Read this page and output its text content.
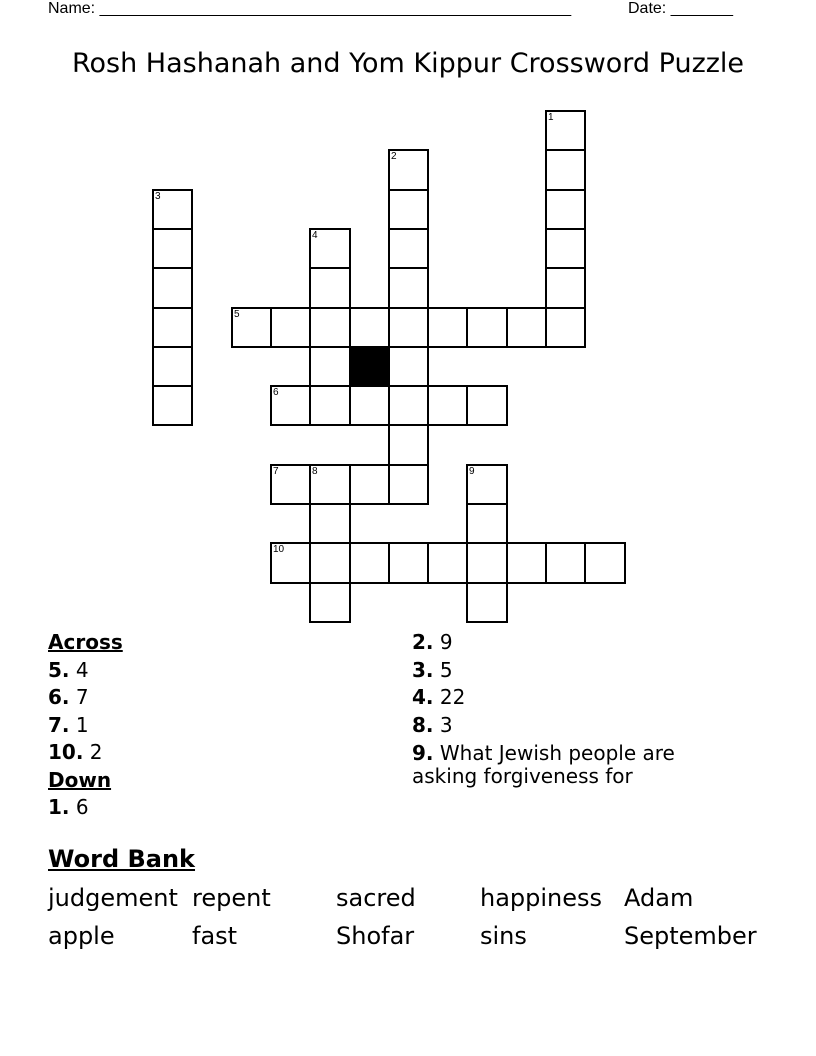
Name: _____________________________________________________	Date: _______
Rosh Hashanah and Yom Kippur Crossword Puzzle
5
6
7	8
10
1
2
3
4
9
Across
5. 4
6. 7
7. 1
10. 2
Down
1. 6
2. 9
3. 5
4. 22
8. 3
9. What Jewish people are asking forgiveness for
Word Bank
judgement repent	sacred	happiness Adam
apple	fast	Shofar	sins	September
